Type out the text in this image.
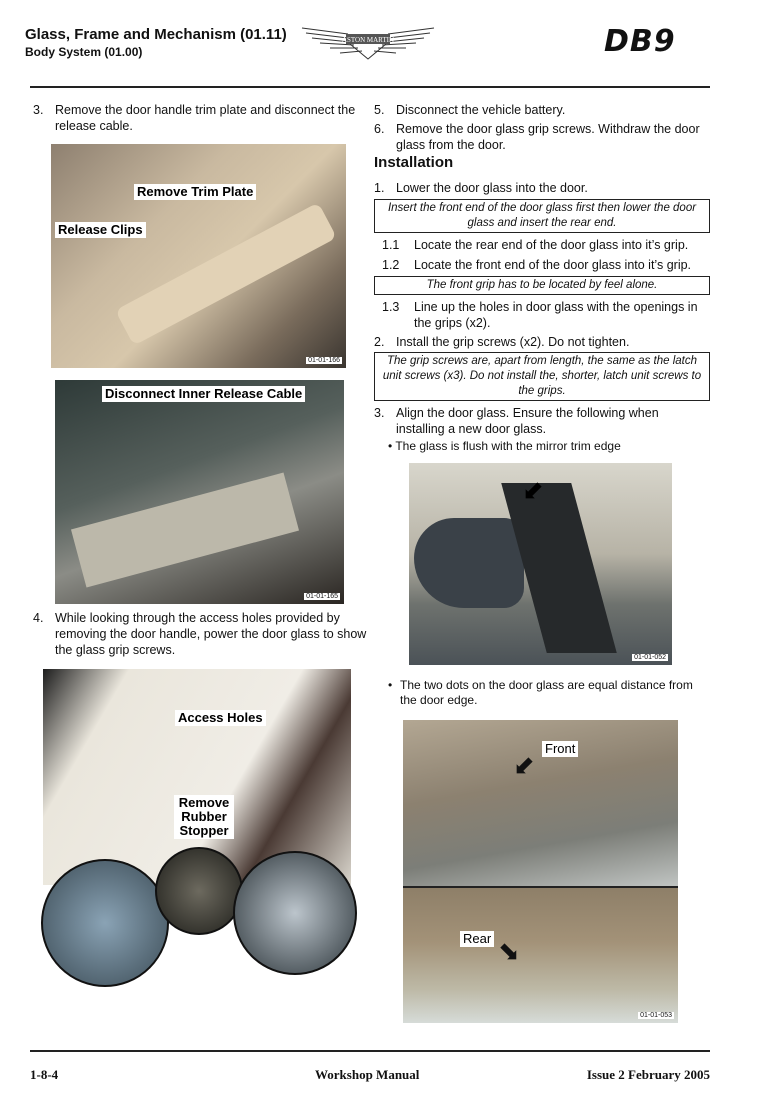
Glass, Frame and Mechanism (01.11)
Body System (01.00)
ASTON MARTIN	DB9
3. Remove the door handle trim plate and disconnect the release cable.
Remove Trim Plate
Release Clips
01-01-166
Disconnect Inner Release Cable
01-01-165
4. While looking through the access holes provided by removing the door handle, power the door glass to show the glass grip screws.
Access Holes
Remove Rubber Stopper
5. Disconnect the vehicle battery.
6. Remove the door glass grip screws. Withdraw the door glass from the door.
Installation
1. Lower the door glass into the door.
Insert the front end of the door glass first then lower the door glass and insert the rear end.
1.1	Locate the rear end of the door glass into it’s grip.
1.2	Locate the front end of the door glass into it’s grip.
The front grip has to be located by feel alone.
1.3	Line up the holes in door glass with the openings in the grips (x2).
2. Install the grip screws (x2). Do not tighten.
The grip screws are, apart from length, the same as the latch unit screws (x3). Do not install the, shorter, latch unit screws to the grips.
3. Align the door glass. Ensure the following when installing a new door glass.
• The glass is flush with the mirror trim edge
⬋
01-01-052
• The two dots on the door glass are equal distance from the door edge.
Front
⬋
Rear ⬊
01-01-053
1-8-4	Workshop Manual	Issue 2 February 2005
